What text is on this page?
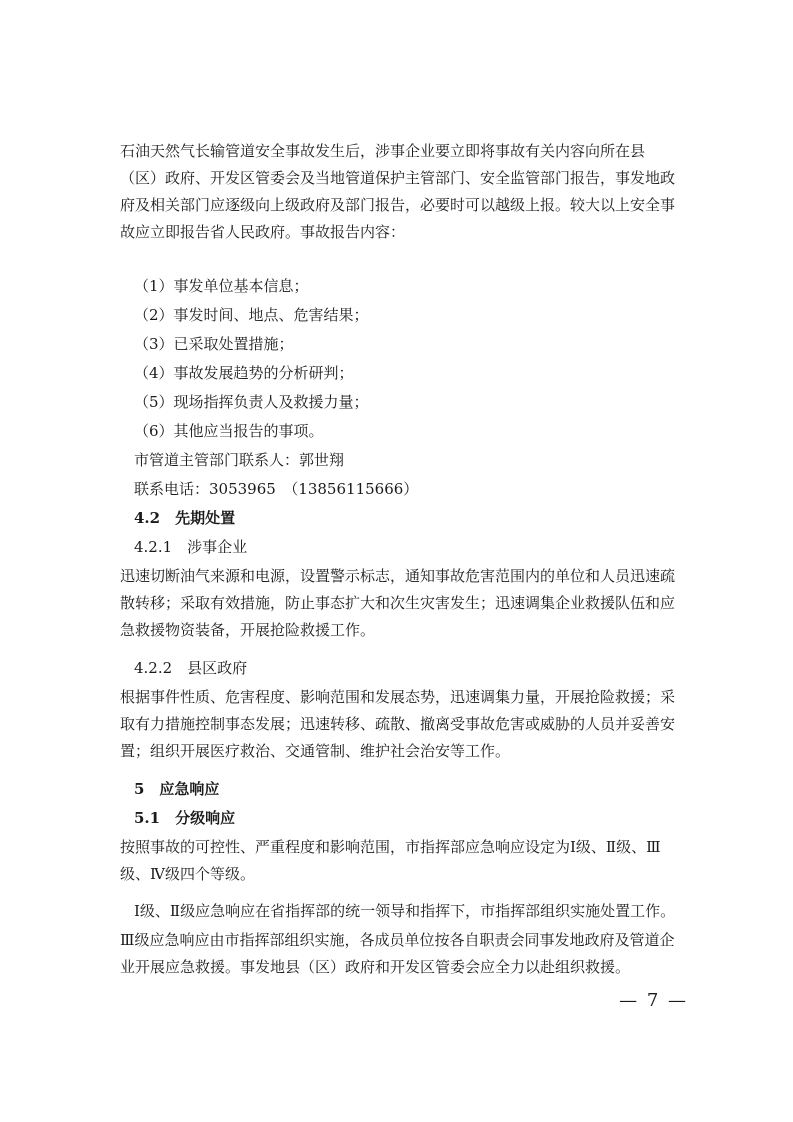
石油天然气长输管道安全事故发生后，涉事企业要立即将事故有关内容向所在县（区）政府、开发区管委会及当地管道保护主管部门、安全监管部门报告，事发地政府及相关部门应逐级向上级政府及部门报告，必要时可以越级上报。较大以上安全事故应立即报告省人民政府。事故报告内容：

（1）事发单位基本信息；

（2）事发时间、地点、危害结果；

（3）已采取处置措施；

（4）事故发展趋势的分析研判；

（5）现场指挥负责人及救援力量；

（6）其他应当报告的事项。

市管道主管部门联系人：郭世翔

联系电话：3053965　（13856115666）

4.2　先期处置

4.2.1　涉事企业

迅速切断油气来源和电源，设置警示标志，通知事故危害范围内的单位和人员迅速疏散转移；采取有效措施，防止事态扩大和次生灾害发生；迅速调集企业救援队伍和应急救援物资装备，开展抢险救援工作。

4.2.2　县区政府

根据事件性质、危害程度、影响范围和发展态势，迅速调集力量，开展抢险救援；采取有力措施控制事态发展；迅速转移、疏散、撤离受事故危害或威胁的人员并妥善安置；组织开展医疗救治、交通管制、维护社会治安等工作。

5　应急响应

5.1　分级响应

按照事故的可控性、严重程度和影响范围，市指挥部应急响应设定为Ⅰ级、Ⅱ级、Ⅲ级、Ⅳ级四个等级。

Ⅰ级、Ⅱ级应急响应在省指挥部的统一领导和指挥下，市指挥部组织实施处置工作。

Ⅲ级应急响应由市指挥部组织实施，各成员单位按各自职责会同事发地政府及管道企业开展应急救援。事发地县（区）政府和开发区管委会应全力以赴组织救援。

— 7 —
